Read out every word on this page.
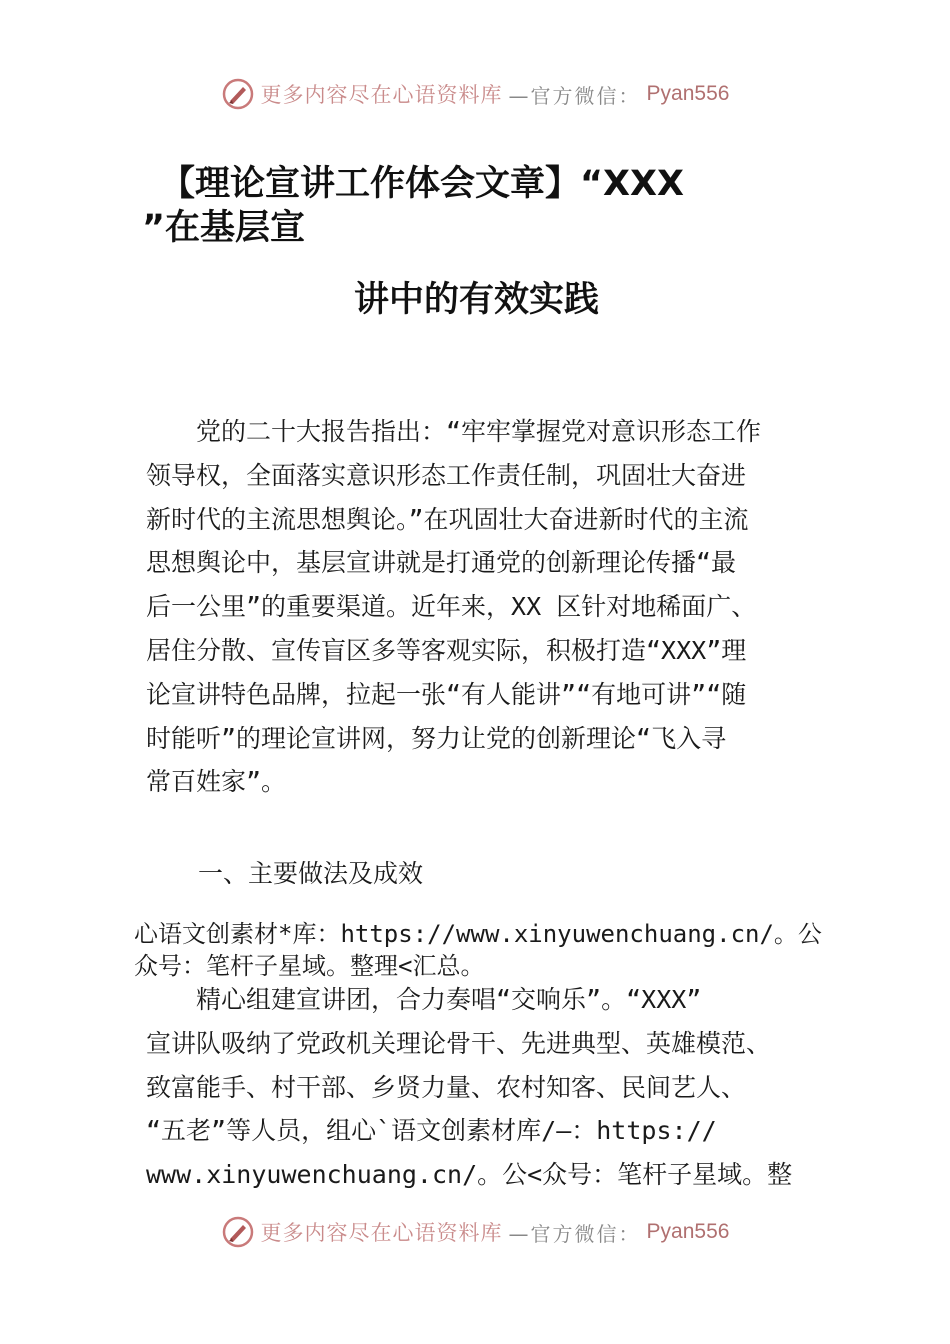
更多内容尽在心语资料库 —官方微信： Pyan556
【理论宣讲工作体会文章】“XXX
”在基层宣
讲中的有效实践
　　党的二十大报告指出：“牢牢掌握党对意识形态工作
领导权，全面落实意识形态工作责任制，巩固壮大奋进
新时代的主流思想舆论。”在巩固壮大奋进新时代的主流
思想舆论中，基层宣讲就是打通党的创新理论传播“最
后一公里”的重要渠道。近年来，XX 区针对地稀面广、
居住分散、宣传盲区多等客观实际，积极打造“XXX”理
论宣讲特色品牌，拉起一张“有人能讲”“有地可讲”“随
时能听”的理论宣讲网，努力让党的创新理论“飞入寻
常百姓家”。
一、主要做法及成效
心语文创素材*库：https://www.xinyuwenchuang.cn/。公
众号：笔杆子星域。整理<汇总。
　　精心组建宣讲团，合力奏唱“交响乐”。“XXX”
宣讲队吸纳了党政机关理论骨干、先进典型、英雄模范、
致富能手、村干部、乡贤力量、农村知客、民间艺人、
“五老”等人员，组心`语文创素材库/—：https://
www.xinyuwenchuang.cn/。公<众号：笔杆子星域。整
更多内容尽在心语资料库 —官方微信： Pyan556
